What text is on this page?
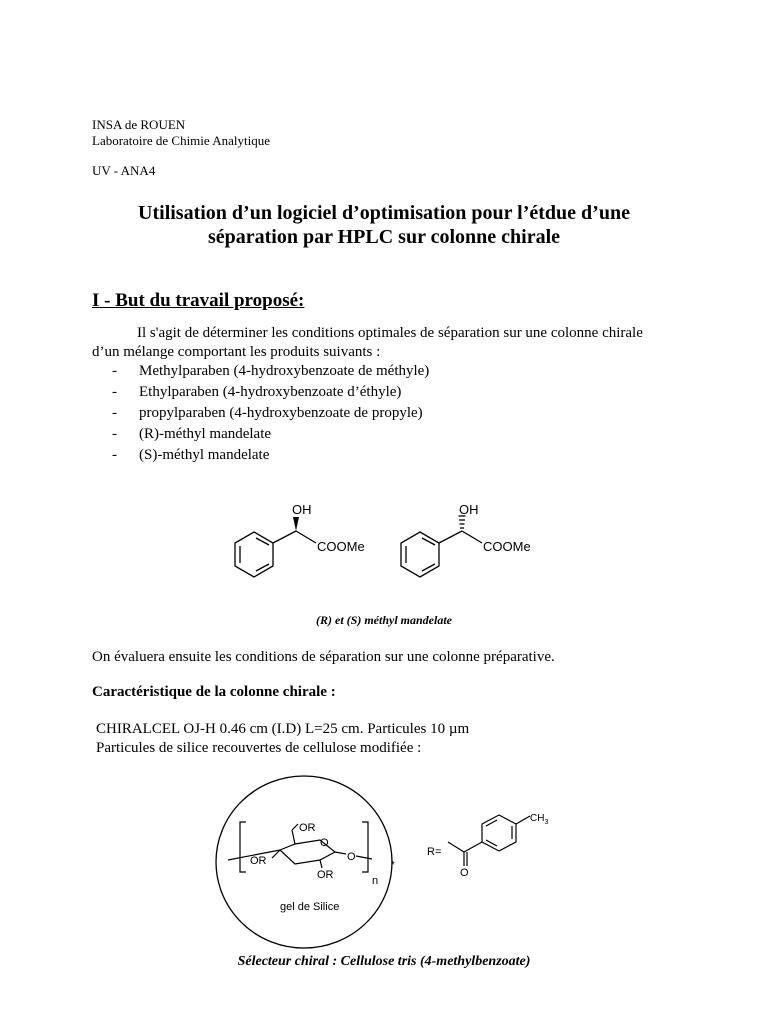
INSA de ROUEN
Laboratoire de Chimie Analytique
UV - ANA4
Utilisation d’un logiciel d’optimisation pour l’étdue d’une
séparation par HPLC sur colonne chirale
I - But du travail proposé:
Il s'agit de déterminer les conditions optimales de séparation sur une colonne chirale
d’un mélange comportant les produits suivants :
- Methylparaben (4-hydroxybenzoate de méthyle)
- Ethylparaben (4-hydroxybenzoate d’éthyle)
- propylparaben (4-hydroxybenzoate de propyle)
- (R)-méthyl mandelate
- (S)-méthyl mandelate
OH
COOMe
OH
COOMe
(R) et (S) méthyl mandelate
On évaluera ensuite les conditions de séparation sur une colonne préparative.
Caractéristique de la colonne chirale :
CHIRALCEL OJ-H 0.46 cm (I.D) L=25 cm. Particules 10 µm
Particules de silice recouvertes de cellulose modifiée :
OR
OR
OR
O
O
n
*
gel de Silice
R=
O
$CH_3$
Sélecteur chiral : Cellulose tris (4-methylbenzoate)
